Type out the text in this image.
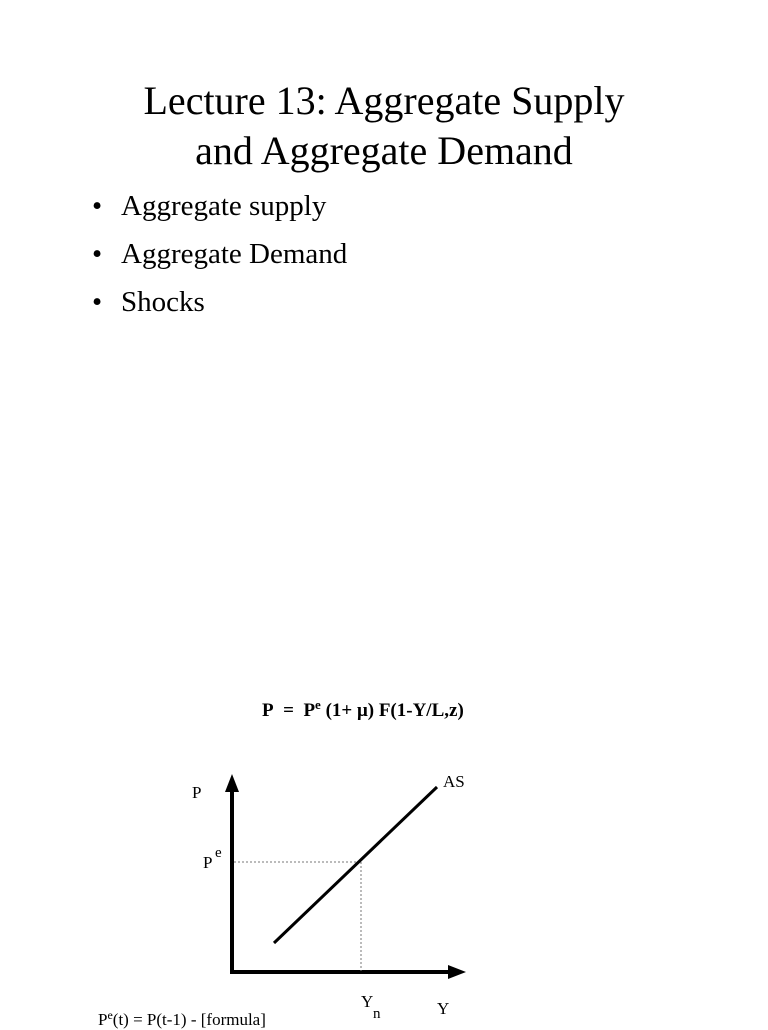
Lecture 13: Aggregate Supply
and Aggregate Demand
• Aggregate supply
• Aggregate Demand
• Shocks
$P = P^e$ (1+ μ) F(1-Y/L,z)
P
AS
P e
Y
n	Y
$P^e(t) = P(t-1)$ - [formula]
